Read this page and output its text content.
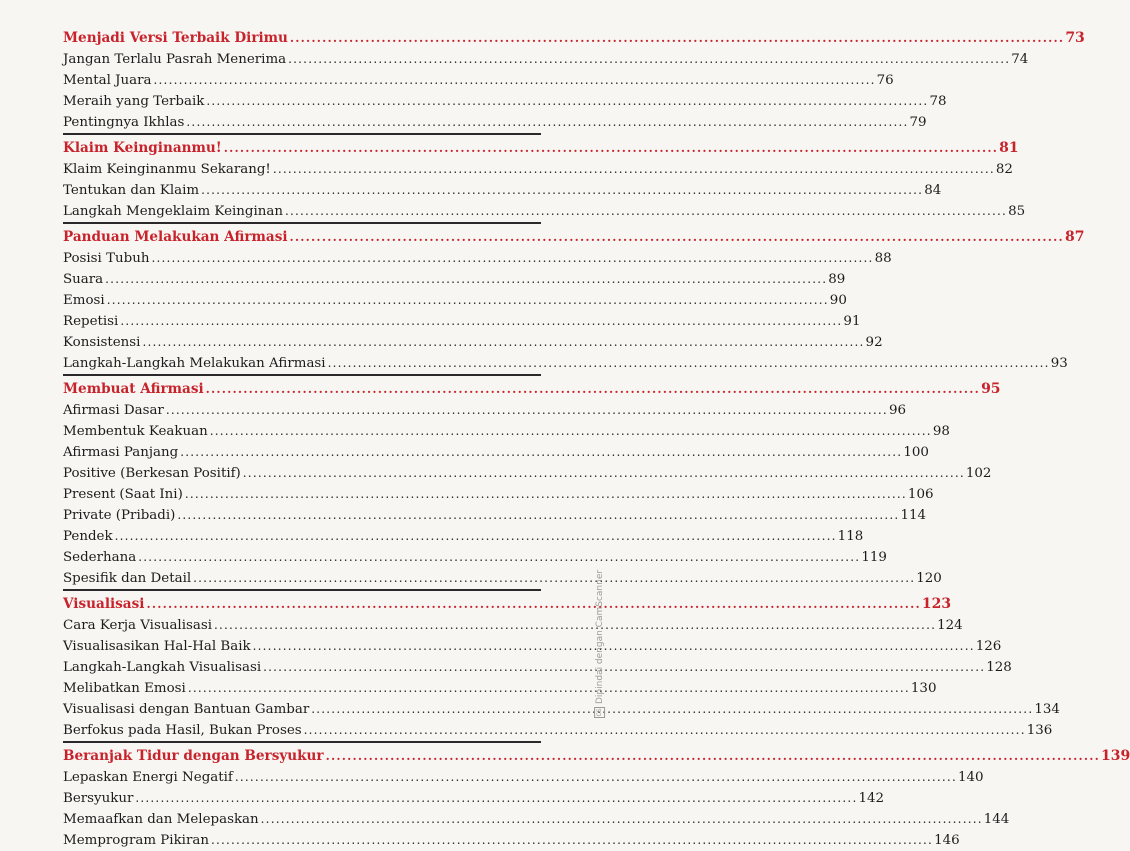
Menjadi Versi Terbaik Dirimu .....	73
Jangan Terlalu Pasrah Menerima .....	74
Mental Juara .....	76
Meraih yang Terbaik .....	78
Pentingnya Ikhlas .....	79
Klaim Keinginanmu! .....	81
Klaim Keinginanmu Sekarang! .....	82
Tentukan dan Klaim .....	84
Langkah Mengeklaim Keinginan .....	85
Panduan Melakukan Afirmasi .....	87
Posisi Tubuh .....	88
Suara .....	89
Emosi .....	90
Repetisi .....	91
Konsistensi .....	92
Langkah-Langkah Melakukan Afirmasi .....	93
Membuat Afirmasi .....	95
Afirmasi Dasar .....	96
Membentuk Keakuan .....	98
Afirmasi Panjang .....	100
Positive (Berkesan Positif) .....	102
Present (Saat Ini) .....	106
Private (Pribadi) .....	114
Pendek .....	118
Sederhana .....	119
Spesifik dan Detail .....	120
Visualisasi .....	123
Cara Kerja Visualisasi .....	124
Visualisasikan Hal-Hal Baik .....	126
Langkah-Langkah Visualisasi .....	128
Melibatkan Emosi .....	130
Visualisasi dengan Bantuan Gambar .....	134
Berfokus pada Hasil, Bukan Proses .....	136
Beranjak Tidur dengan Bersyukur .....	139
Lepaskan Energi Negatif .....	140
Bersyukur .....	142
Memaafkan dan Melepaskan .....	144
Memprogram Pikiran .....	146
CS
Dipindai dengan CamScanner
